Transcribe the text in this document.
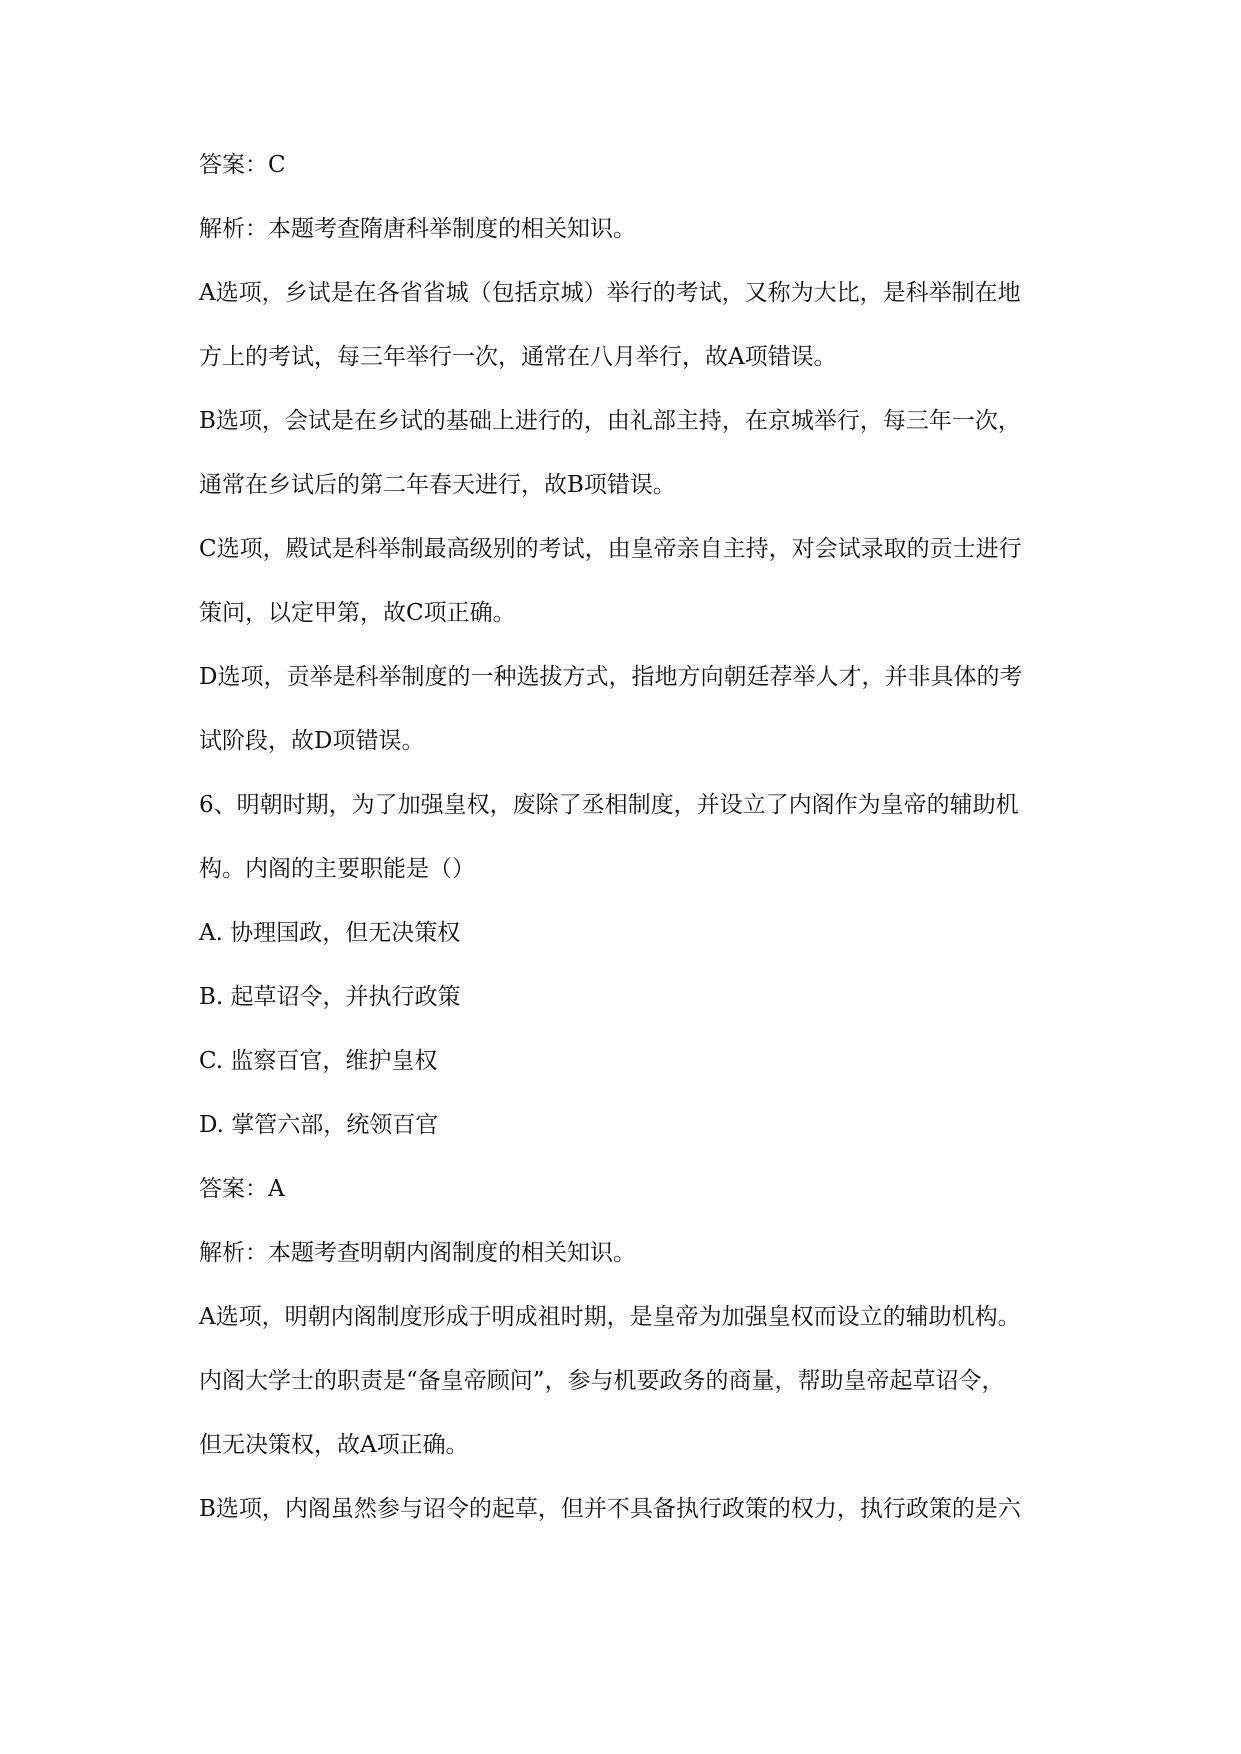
答案：C
解析：本题考查隋唐科举制度的相关知识。
A选项，乡试是在各省省城（包括京城）举行的考试，又称为大比，是科举制在地
方上的考试，每三年举行一次，通常在八月举行，故A项错误。
B选项，会试是在乡试的基础上进行的，由礼部主持，在京城举行，每三年一次，
通常在乡试后的第二年春天进行，故B项错误。
C选项，殿试是科举制最高级别的考试，由皇帝亲自主持，对会试录取的贡士进行
策问，以定甲第，故C项正确。
D选项，贡举是科举制度的一种选拔方式，指地方向朝廷荐举人才，并非具体的考
试阶段，故D项错误。
6、明朝时期，为了加强皇权，废除了丞相制度，并设立了内阁作为皇帝的辅助机
构。内阁的主要职能是（）
A. 协理国政，但无决策权
B. 起草诏令，并执行政策
C. 监察百官，维护皇权
D. 掌管六部，统领百官
答案：A
解析：本题考查明朝内阁制度的相关知识。
A选项，明朝内阁制度形成于明成祖时期，是皇帝为加强皇权而设立的辅助机构。
内阁大学士的职责是“备皇帝顾问”，参与机要政务的商量，帮助皇帝起草诏令，
但无决策权，故A项正确。
B选项，内阁虽然参与诏令的起草，但并不具备执行政策的权力，执行政策的是六
